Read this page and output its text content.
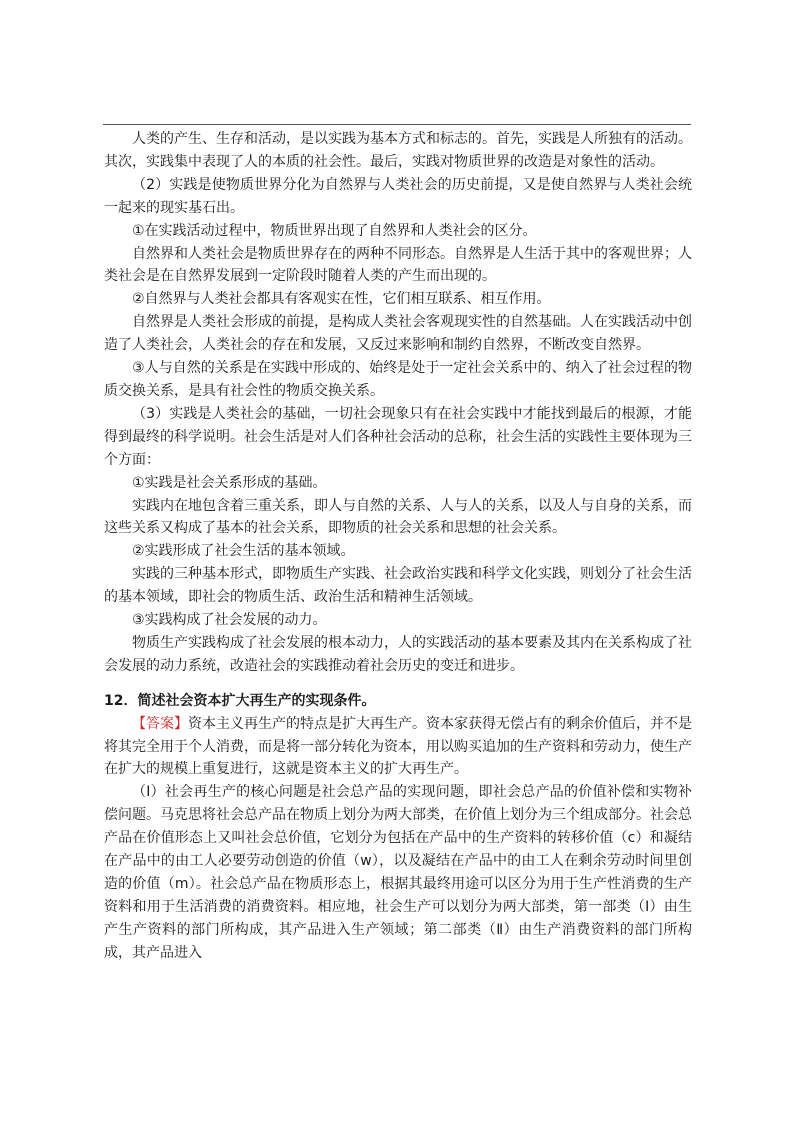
人类的产生、生存和活动，是以实践为基本方式和标志的。首先，实践是人所独有的活动。其次，实践集中表现了人的本质的社会性。最后，实践对物质世界的改造是对象性的活动。

（2）实践是使物质世界分化为自然界与人类社会的历史前提，又是使自然界与人类社会统一起来的现实基石出。

①在实践活动过程中，物质世界出现了自然界和人类社会的区分。

自然界和人类社会是物质世界存在的两种不同形态。自然界是人生活于其中的客观世界；人类社会是在自然界发展到一定阶段时随着人类的产生而出现的。

②自然界与人类社会都具有客观实在性，它们相互联系、相互作用。

自然界是人类社会形成的前提，是构成人类社会客观现实性的自然基础。人在实践活动中创造了人类社会，人类社会的存在和发展，又反过来影响和制约自然界，不断改变自然界。

③人与自然的关系是在实践中形成的、始终是处于一定社会关系中的、纳入了社会过程的物质交换关系，是具有社会性的物质交换关系。

（3）实践是人类社会的基础，一切社会现象只有在社会实践中才能找到最后的根源，才能得到最终的科学说明。社会生活是对人们各种社会活动的总称，社会生活的实践性主要体现为三个方面：

①实践是社会关系形成的基础。

实践内在地包含着三重关系，即人与自然的关系、人与人的关系，以及人与自身的关系，而这些关系又构成了基本的社会关系，即物质的社会关系和思想的社会关系。

②实践形成了社会生活的基本领域。

实践的三种基本形式，即物质生产实践、社会政治实践和科学文化实践，则划分了社会生活的基本领域，即社会的物质生活、政治生活和精神生活领域。

③实践构成了社会发展的动力。

物质生产实践构成了社会发展的根本动力，人的实践活动的基本要素及其内在关系构成了社会发展的动力系统，改造社会的实践推动着社会历史的变迁和进步。

12．简述社会资本扩大再生产的实现条件。

【答案】资本主义再生产的特点是扩大再生产。资本家获得无偿占有的剩余价值后，并不是将其完全用于个人消费，而是将一部分转化为资本，用以购买追加的生产资料和劳动力，使生产在扩大的规模上重复进行，这就是资本主义的扩大再生产。

（Ⅰ）社会再生产的核心问题是社会总产品的实现问题，即社会总产品的价值补偿和实物补偿问题。马克思将社会总产品在物质上划分为两大部类，在价值上划分为三个组成部分。社会总产品在价值形态上又叫社会总价值，它划分为包括在产品中的生产资料的转移价值（c）和凝结在产品中的由工人必要劳动创造的价值（w），以及凝结在产品中的由工人在剩余劳动时间里创造的价值（m）。社会总产品在物质形态上，根据其最终用途可以区分为用于生产性消费的生产资料和用于生活消费的消费资料。相应地，社会生产可以划分为两大部类，第一部类（Ⅰ）由生产生产资料的部门所构成，其产品进入生产领域；第二部类（Ⅱ）由生产消费资料的部门所构成，其产品进入
